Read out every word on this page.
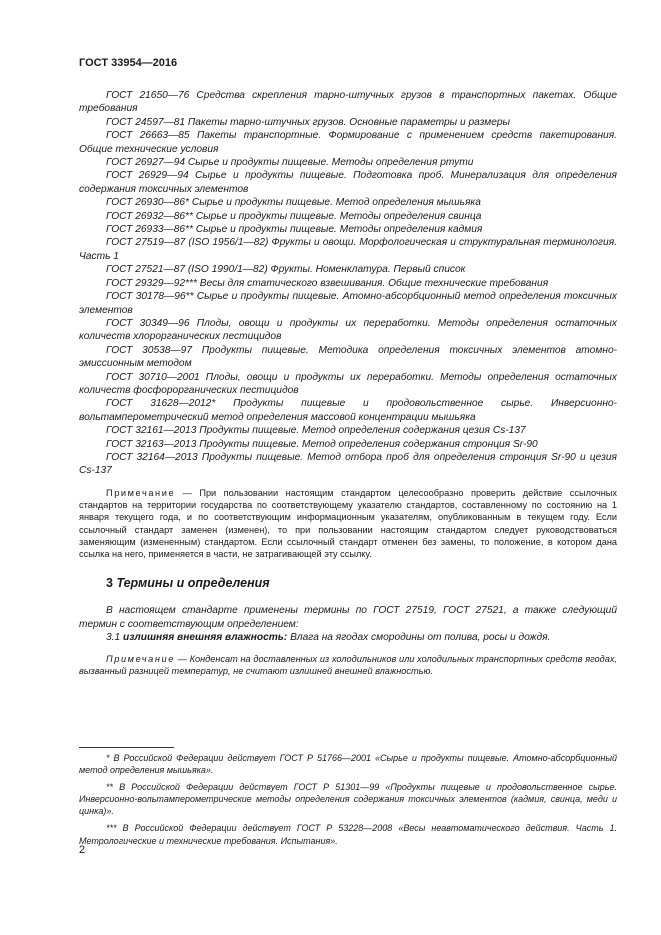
ГОСТ 33954—2016

ГОСТ 21650—76 Средства скрепления тарно-штучных грузов в транспортных пакетах. Общие требования

ГОСТ 24597—81 Пакеты тарно-штучных грузов. Основные параметры и размеры

ГОСТ 26663—85 Пакеты транспортные. Формирование с применением средств пакетирования. Общие технические условия

ГОСТ 26927—94 Сырье и продукты пищевые. Методы определения ртути

ГОСТ 26929—94 Сырье и продукты пищевые. Подготовка проб. Минерализация для определения содержания токсичных элементов

ГОСТ 26930—86* Сырье и продукты пищевые. Метод определения мышьяка

ГОСТ 26932—86** Сырье и продукты пищевые. Методы определения свинца

ГОСТ 26933—86** Сырье и продукты пищевые. Методы определения кадмия

ГОСТ 27519—87 (ISO 1956/1—82) Фрукты и овощи. Морфологическая и структуральная терминология. Часть 1

ГОСТ 27521—87 (ISO 1990/1—82) Фрукты. Номенклатура. Первый список

ГОСТ 29329—92*** Весы для статического взвешивания. Общие технические требования

ГОСТ 30178—96** Сырье и продукты пищевые. Атомно-абсорбционный метод определения токсичных элементов

ГОСТ 30349—96 Плоды, овощи и продукты их переработки. Методы определения остаточных количеств хлорорганических пестицидов

ГОСТ 30538—97 Продукты пищевые. Методика определения токсичных элементов атомно-эмиссионным методом

ГОСТ 30710—2001 Плоды, овощи и продукты их переработки. Методы определения остаточных количеств фосфорорганических пестицидов

ГОСТ 31628—2012* Продукты пищевые и продовольственное сырье. Инверсионно-вольтамперометрический метод определения массовой концентрации мышьяка

ГОСТ 32161—2013 Продукты пищевые. Метод определения содержания цезия Cs-137

ГОСТ 32163—2013 Продукты пищевые. Метод определения содержания стронция Sr-90

ГОСТ 32164—2013 Продукты пищевые. Метод отбора проб для определения стронция Sr-90 и цезия Cs-137

Примечание — При пользовании настоящим стандартом целесообразно проверить действие ссылочных стандартов на территории государства по соответствующему указателю стандартов, составленному по состоянию на 1 января текущего года, и по соответствующим информационным указателям, опубликованным в текущем году. Если ссылочный стандарт заменен (изменен), то при пользовании настоящим стандартом следует руководствоваться заменяющим (измененным) стандартом. Если ссылочный стандарт отменен без замены, то положение, в котором дана ссылка на него, применяется в части, не затрагивающей эту ссылку.
3 Термины и определения
В настоящем стандарте применены термины по ГОСТ 27519, ГОСТ 27521, а также следующий термин с соответствующим определением:
3.1 излишняя внешняя влажность: Влага на ягодах смородины от полива, росы и дождя.
Примечание — Конденсат на доставленных из холодильников или холодильных транспортных средств ягодах, вызванный разницей температур, не считают излишней внешней влажностью.

* В Российской Федерации действует ГОСТ Р 51766—2001 «Сырье и продукты пищевые. Атомно-абсорбционный метод определения мышьяка».

** В Российской Федерации действует ГОСТ Р 51301—99 «Продукты пищевые и продовольственное сырье. Инверсионно-вольтамперометрические методы определения содержания токсичных элементов (кадмия, свинца, меди и цинка)».

*** В Российской Федерации действует ГОСТ Р 53228—2008 «Весы неавтоматического действия. Часть 1. Метрологические и технические требования. Испытания».

2
